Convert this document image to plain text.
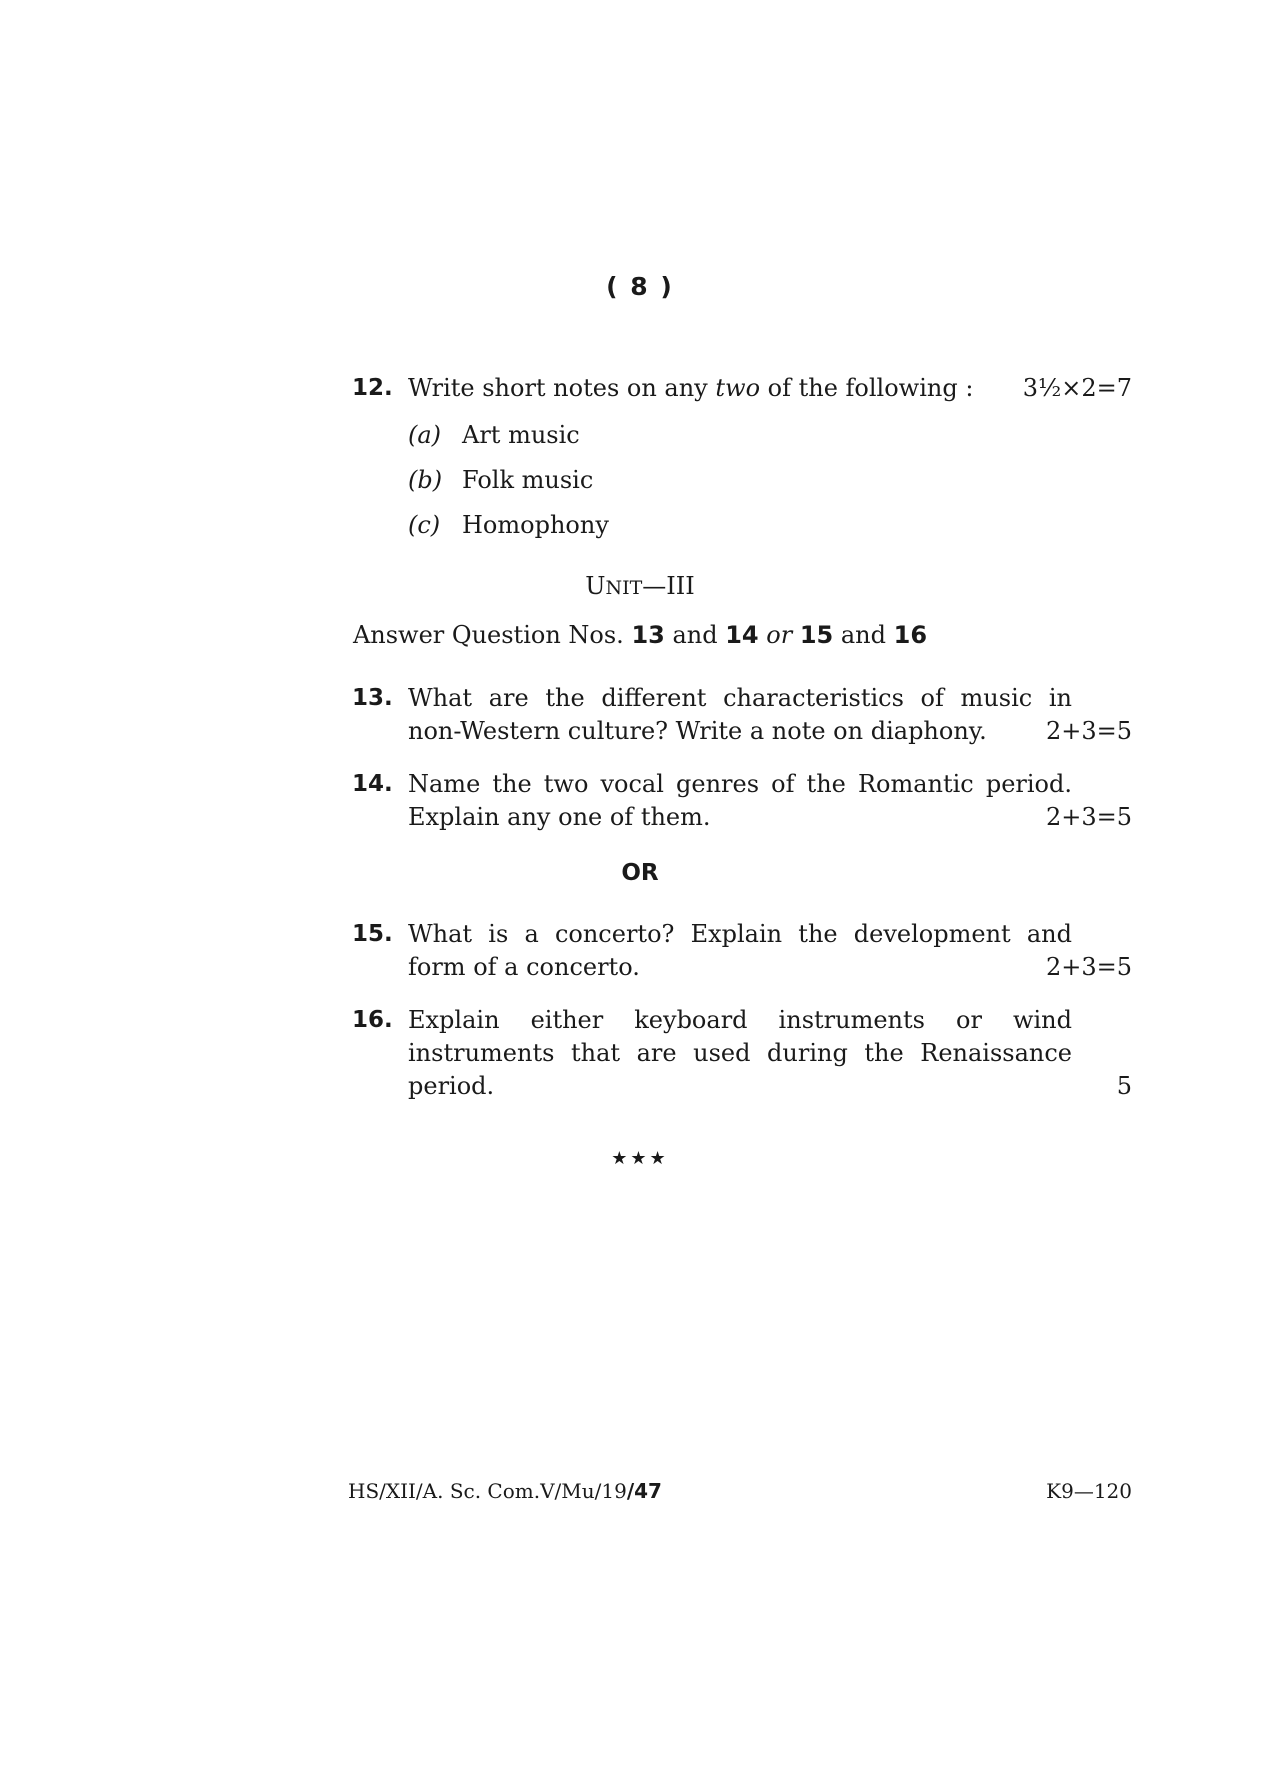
( 8 )
12. Write short notes on any two of the following :	3½×2=7
(a) Art music
(b) Folk music
(c) Homophony
UNIT—III
Answer Question Nos. 13 and 14 or 15 and 16
13. What are the different characteristics of music in
non-Western culture? Write a note on diaphony.	2+3=5
14. Name the two vocal genres of the Romantic period.
Explain any one of them.	2+3=5
OR
15. What is a concerto? Explain the development and
form of a concerto.	2+3=5
16. Explain either keyboard instruments or wind
instruments that are used during the Renaissance
period.	5
★★★
HS/XII/A. Sc. Com.V/Mu/19/47	K9—120
